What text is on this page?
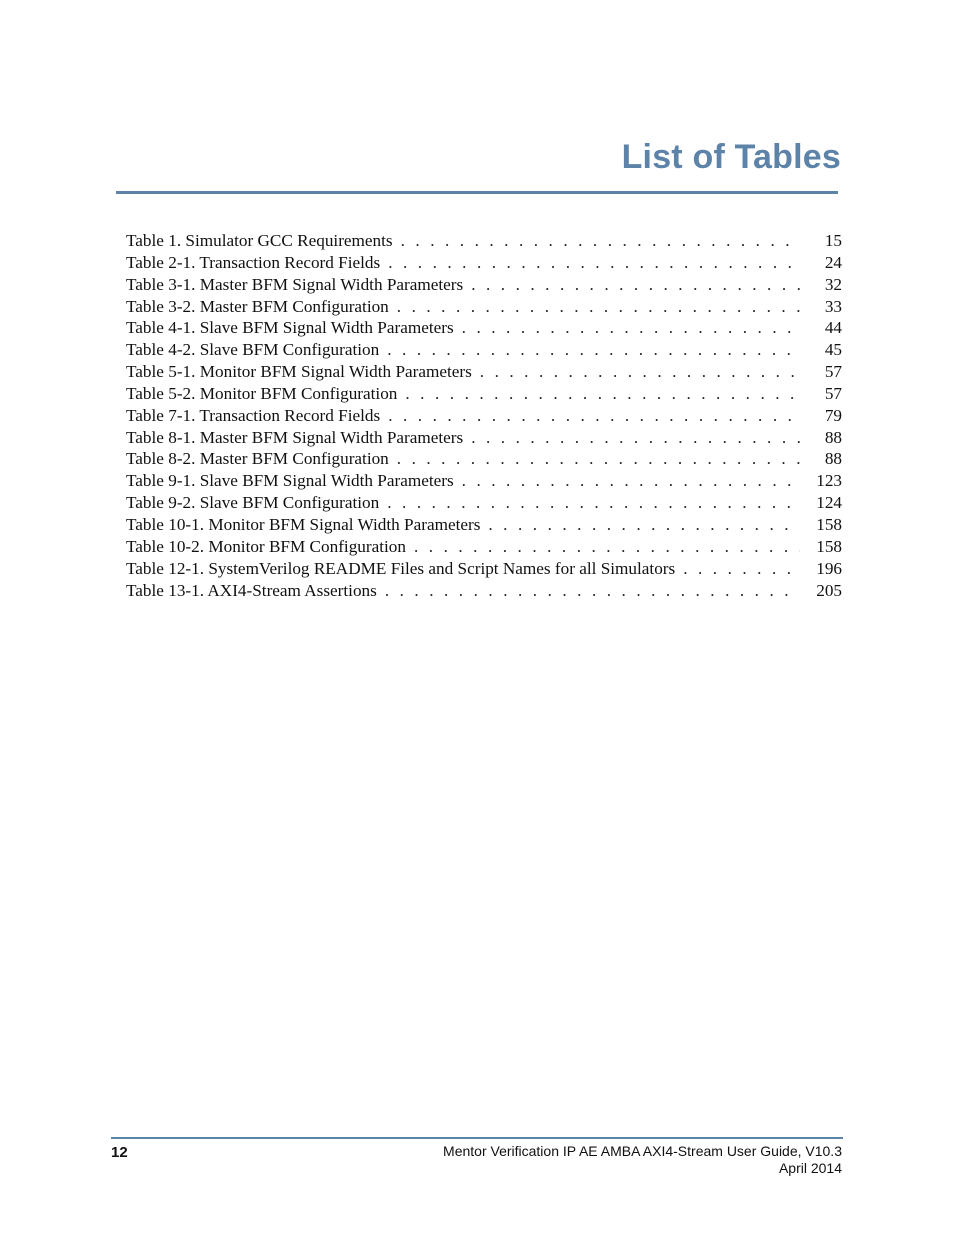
List of Tables
Table 1. Simulator GCC Requirements . . .	15
Table 2-1. Transaction Record Fields . . .	24
Table 3-1. Master BFM Signal Width Parameters . . .	32
Table 3-2. Master BFM Configuration . . .	33
Table 4-1. Slave BFM Signal Width Parameters . . .	44
Table 4-2. Slave BFM Configuration . . .	45
Table 5-1. Monitor BFM Signal Width Parameters . . .	57
Table 5-2. Monitor BFM Configuration . . .	57
Table 7-1. Transaction Record Fields . . .	79
Table 8-1. Master BFM Signal Width Parameters . . .	88
Table 8-2. Master BFM Configuration . . .	88
Table 9-1. Slave BFM Signal Width Parameters . . .	123
Table 9-2. Slave BFM Configuration . . .	124
Table 10-1. Monitor BFM Signal Width Parameters . . .	158
Table 10-2. Monitor BFM Configuration . . .	158
Table 12-1. SystemVerilog README Files and Script Names for all Simulators . . .	196
Table 13-1. AXI4-Stream Assertions . . .	205
12	Mentor Verification IP AE AMBA AXI4-Stream User Guide, V10.3
April 2014
